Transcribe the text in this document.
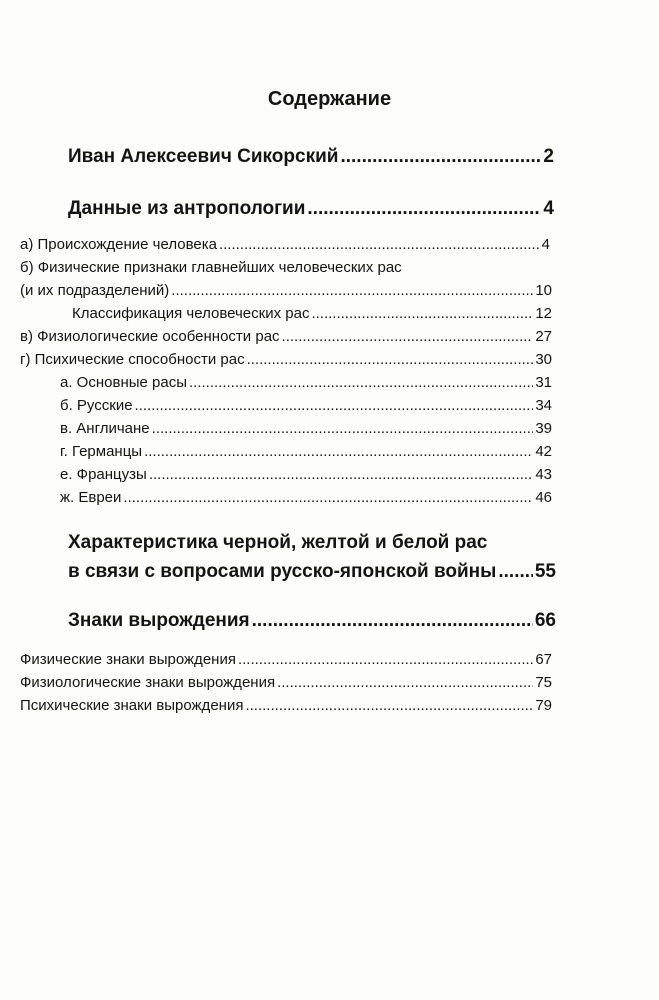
Содержание
Иван Алексеевич Сикорский .....	2
Данные из антропологии .....	4
а) Происхождение человека .....	4
б) Физические признаки главнейших человеческих рас
(и их подразделений) .....	10
Классификация человеческих рас .....	12
в) Физиологические особенности рас .....	27
г) Психические способности рас .....	30
а. Основные расы .....	31
б. Русские .....	34
в. Англичане .....	39
г. Германцы .....	42
е. Французы .....	43
ж. Евреи .....	46
Характеристика черной, желтой и белой рас
в связи с вопросами русско-японской войны ..... 55
Знаки вырождения .....	66
Физические знаки вырождения .....	67
Физиологические знаки вырождения .....	75
Психические знаки вырождения .....	79
